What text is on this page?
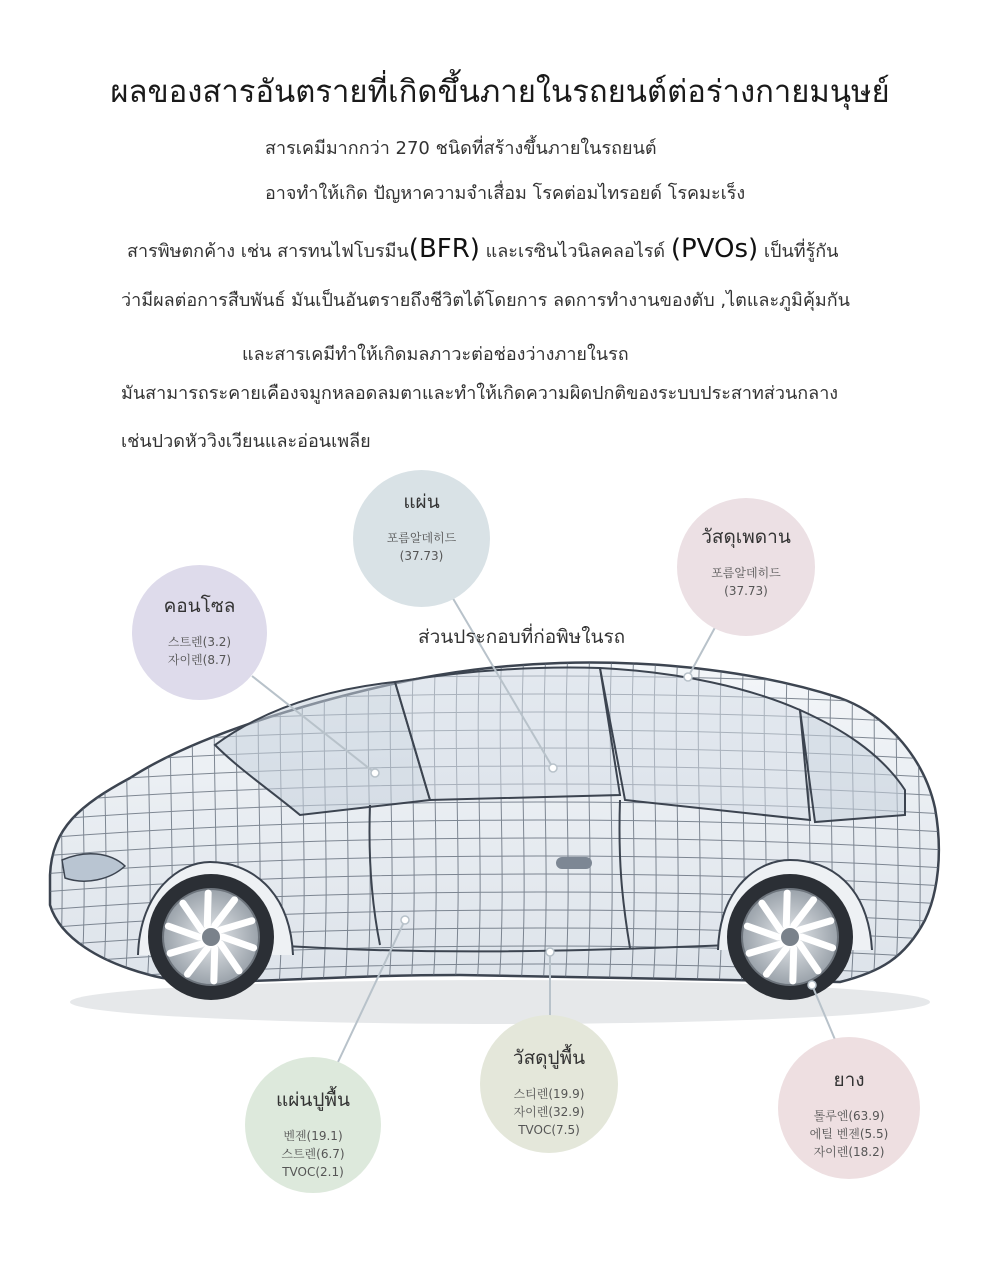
ผลของสารอันตรายที่เกิดขึ้นภายในรถยนต์ต่อร่างกายมนุษย์
สารเคมีมากกว่า 270 ชนิดที่สร้างขึ้นภายในรถยนต์
อาจทำให้เกิด ปัญหาความจำเสื่อม โรคต่อมไทรอยด์ โรคมะเร็ง
สารพิษตกค้าง เช่น สารทนไฟโบรมีน(BFR) และเรซินไวนิลคลอไรด์ (PVOs) เป็นที่รู้กัน
ว่ามีผลต่อการสืบพันธ์ มันเป็นอันตรายถึงชีวิตได้โดยการ ลดการทำงานของตับ ,ไตและภูมิคุ้มกัน
และสารเคมีทำให้เกิดมลภาวะต่อช่องว่างภายในรถ
มันสามารถระคายเคืองจมูกหลอดลมตาและทำให้เกิดความผิดปกติของระบบประสาทส่วนกลาง
เช่นปวดหัววิงเวียนและอ่อนเพลีย
ส่วนประกอบที่ก่อพิษในรถ
แผ่น
포름알데히드
(37.73)
คอนโซล
스트렌(3.2)
자이렌(8.7)
วัสดุเพดาน
포름알데히드
(37.73)
แผ่นปูพื้น
벤젠(19.1)
스트렌(6.7)
TVOC(2.1)
วัสดุปูพื้น
스티렌(19.9)
자이렌(32.9)
TVOC(7.5)
ยาง
톨루엔(63.9)
에틸 벤젠(5.5)
자이렌(18.2)
